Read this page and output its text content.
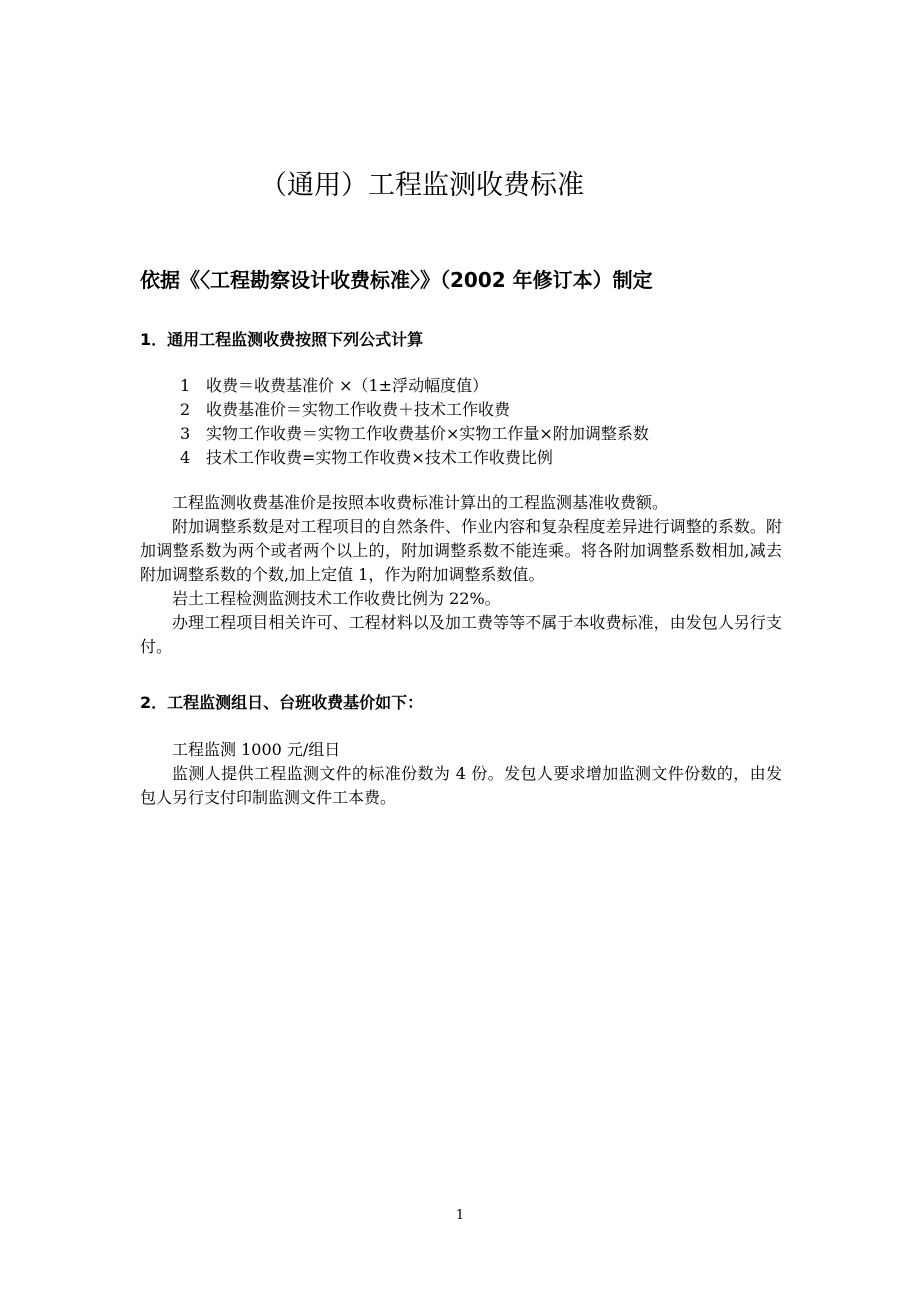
（通用）工程监测收费标准
依据《〈工程勘察设计收费标准〉》（2002 年修订本）制定
1．通用工程监测收费按照下列公式计算
1 收费＝收费基准价 ×（1±浮动幅度值）
2 收费基准价＝实物工作收费＋技术工作收费
3 实物工作收费＝实物工作收费基价×实物工作量×附加调整系数
4 技术工作收费=实物工作收费×技术工作收费比例

工程监测收费基准价是按照本收费标准计算出的工程监测基准收费额。

附加调整系数是对工程项目的自然条件、作业内容和复杂程度差异进行调整的系数。附加调整系数为两个或者两个以上的，附加调整系数不能连乘。将各附加调整系数相加,减去附加调整系数的个数,加上定值 1，作为附加调整系数值。

岩土工程检测监测技术工作收费比例为 22%。

办理工程项目相关许可、工程材料以及加工费等等不属于本收费标准，由发包人另行支付。

2．工程监测组日、台班收费基价如下：

工程监测 1000 元/组日

监测人提供工程监测文件的标准份数为 4 份。发包人要求增加监测文件份数的，由发包人另行支付印制监测文件工本费。

1
